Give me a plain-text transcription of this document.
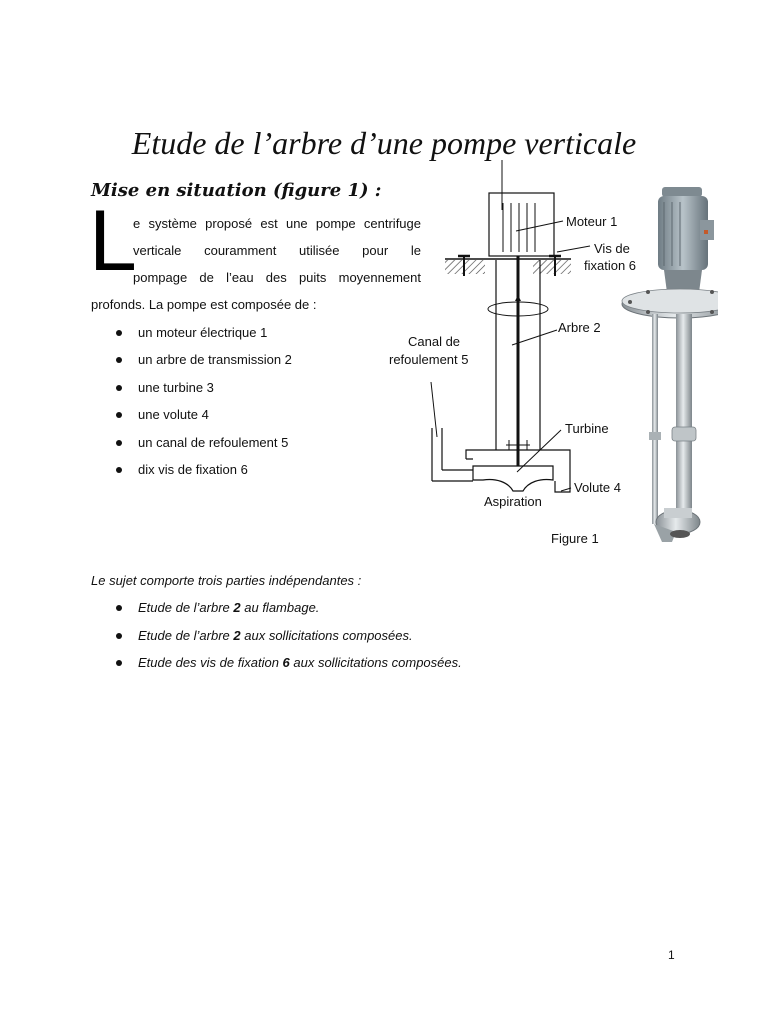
Etude de l’arbre d’une pompe verticale
Mise en situation (figure 1) :
L
e système proposé est une pompe centrifuge
verticale couramment utilisée pour le
pompage de l’eau des puits moyennement
profonds. La pompe est composée de :
un moteur électrique 1
un arbre de transmission 2
une turbine 3
une volute 4
un canal de refoulement 5
dix vis de fixation 6
Moteur 1
Vis de
fixation 6
Arbre 2
Canal de
refoulement 5
Turbine
Volute 4
Aspiration
Figure 1
Le sujet comporte trois parties indépendantes :
Etude de l’arbre 2 au flambage.
Etude de l’arbre 2 aux sollicitations composées.
Etude des vis de fixation 6 aux sollicitations composées.
1
